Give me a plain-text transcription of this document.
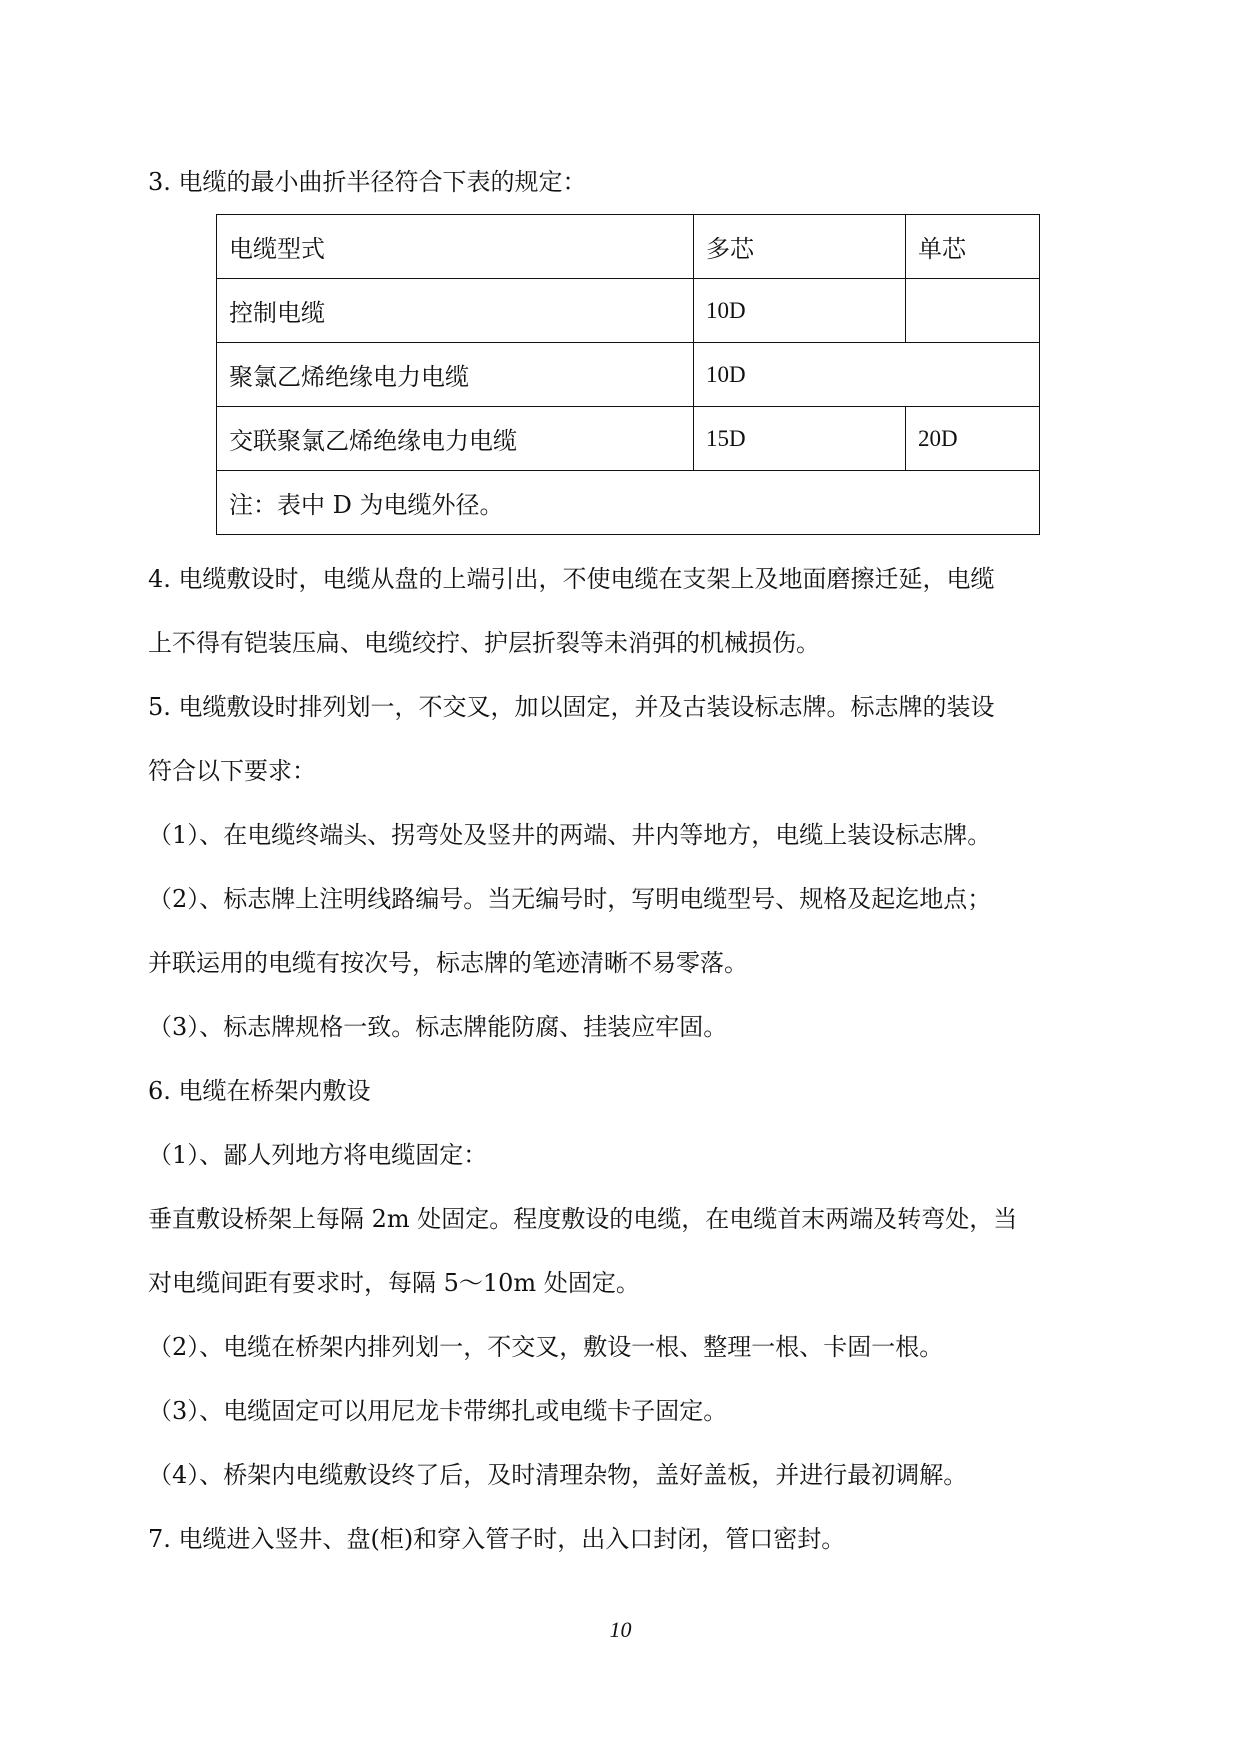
3. 电缆的最小曲折半径符合下表的规定：
电缆型式	多芯	单芯
控制电缆	10D	
聚氯乙烯绝缘电力电缆	10D	
交联聚氯乙烯绝缘电力电缆	15D	20D
注：表中 D 为电缆外径。		
4. 电缆敷设时，电缆从盘的上端引出，不使电缆在支架上及地面磨擦迁延，电缆
上不得有铠装压扁、电缆绞拧、护层折裂等未消弭的机械损伤。
5. 电缆敷设时排列划一，不交叉，加以固定，并及古装设标志牌。标志牌的装设
符合以下要求：
（1）、在电缆终端头、拐弯处及竖井的两端、井内等地方，电缆上装设标志牌。
（2）、标志牌上注明线路编号。当无编号时，写明电缆型号、规格及起迄地点；
并联运用的电缆有按次号，标志牌的笔迹清晰不易零落。
（3）、标志牌规格一致。标志牌能防腐、挂装应牢固。
6. 电缆在桥架内敷设
（1）、鄙人列地方将电缆固定：
垂直敷设桥架上每隔 2m 处固定。程度敷设的电缆，在电缆首末两端及转弯处，当
对电缆间距有要求时，每隔 5～10m 处固定。
（2）、电缆在桥架内排列划一，不交叉，敷设一根、整理一根、卡固一根。
（3）、电缆固定可以用尼龙卡带绑扎或电缆卡子固定。
（4）、桥架内电缆敷设终了后，及时清理杂物，盖好盖板，并进行最初调解。
7. 电缆进入竖井、盘(柜)和穿入管子时，出入口封闭，管口密封。
10
